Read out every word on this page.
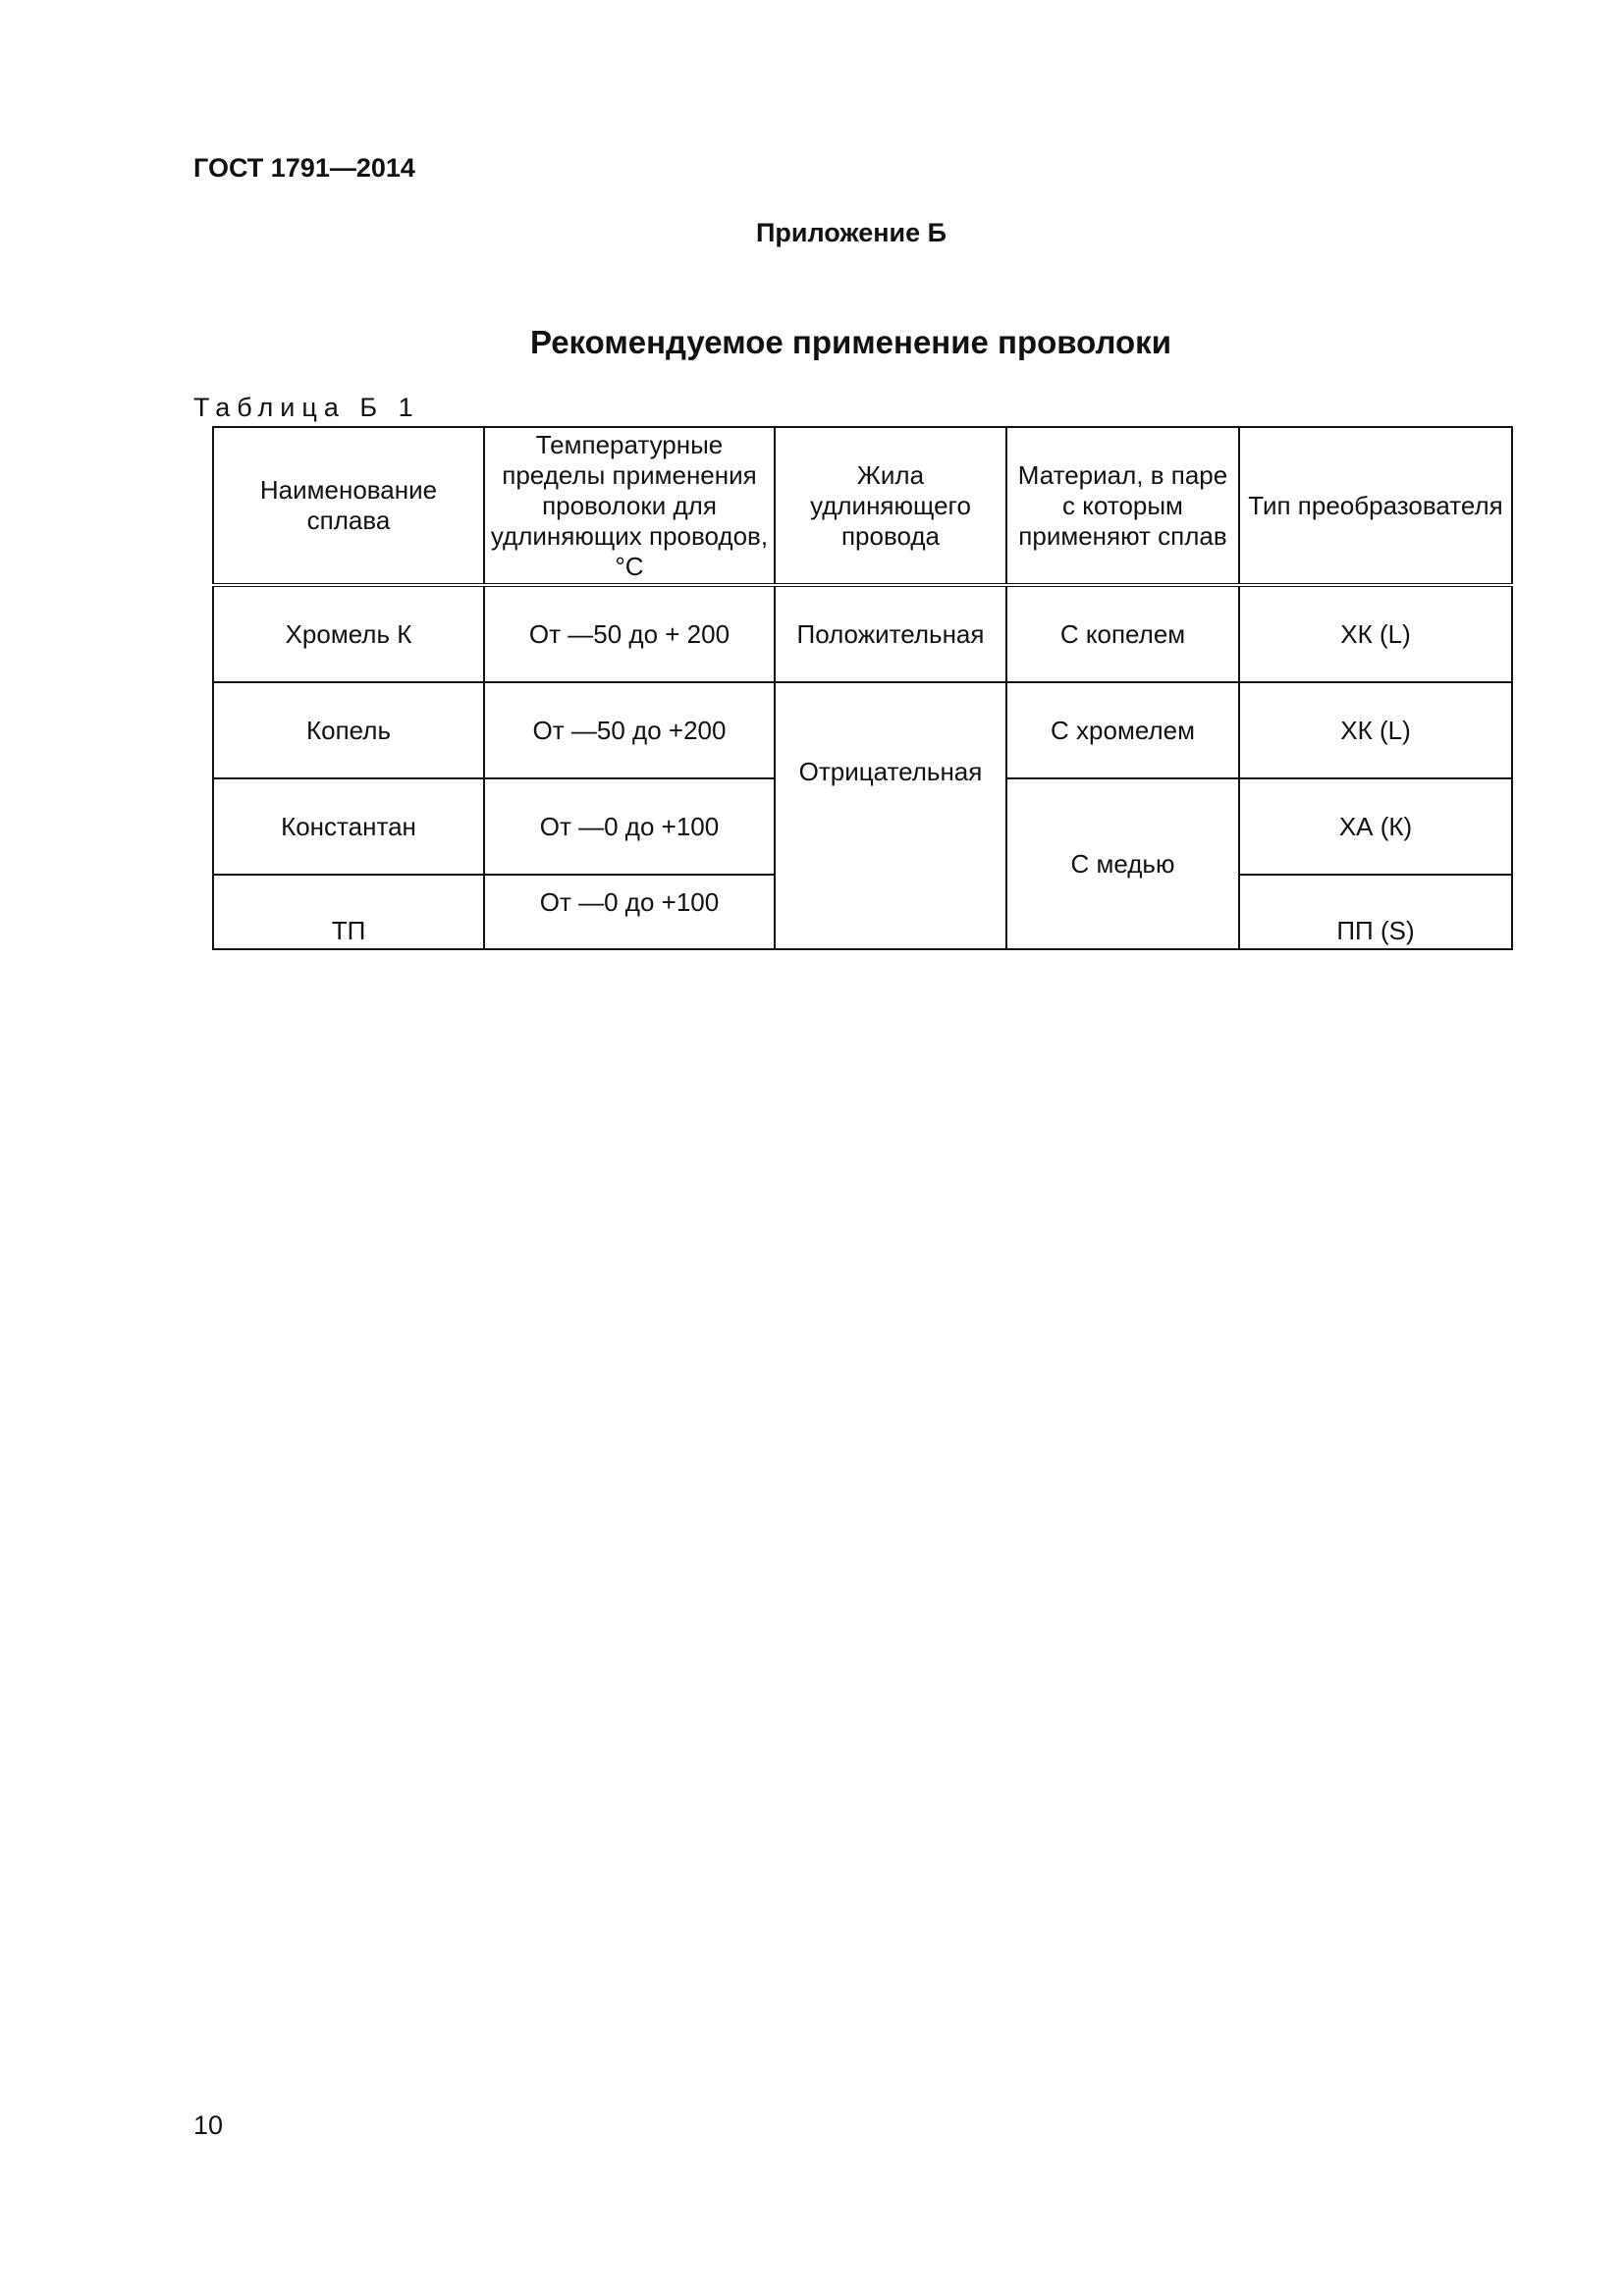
ГОСТ 1791—2014
Приложение Б
Рекомендуемое применение проволоки
Таблица Б 1
Наименование сплава	Температурные пределы применения проволоки для удлиняющих проводов, °C	Жила удлиняющего провода	Материал, в паре с которым применяют сплав	Тип преобразователя
Хромель К	От —50 до + 200	Положительная	С копелем	ХК (L)
Копель	От —50 до +200	Отрицательная	С хромелем	ХК (L)
Константан	От —0 до +100		С медью	ХА (К)
ТП	От —0 до +100			ПП (S)
10
